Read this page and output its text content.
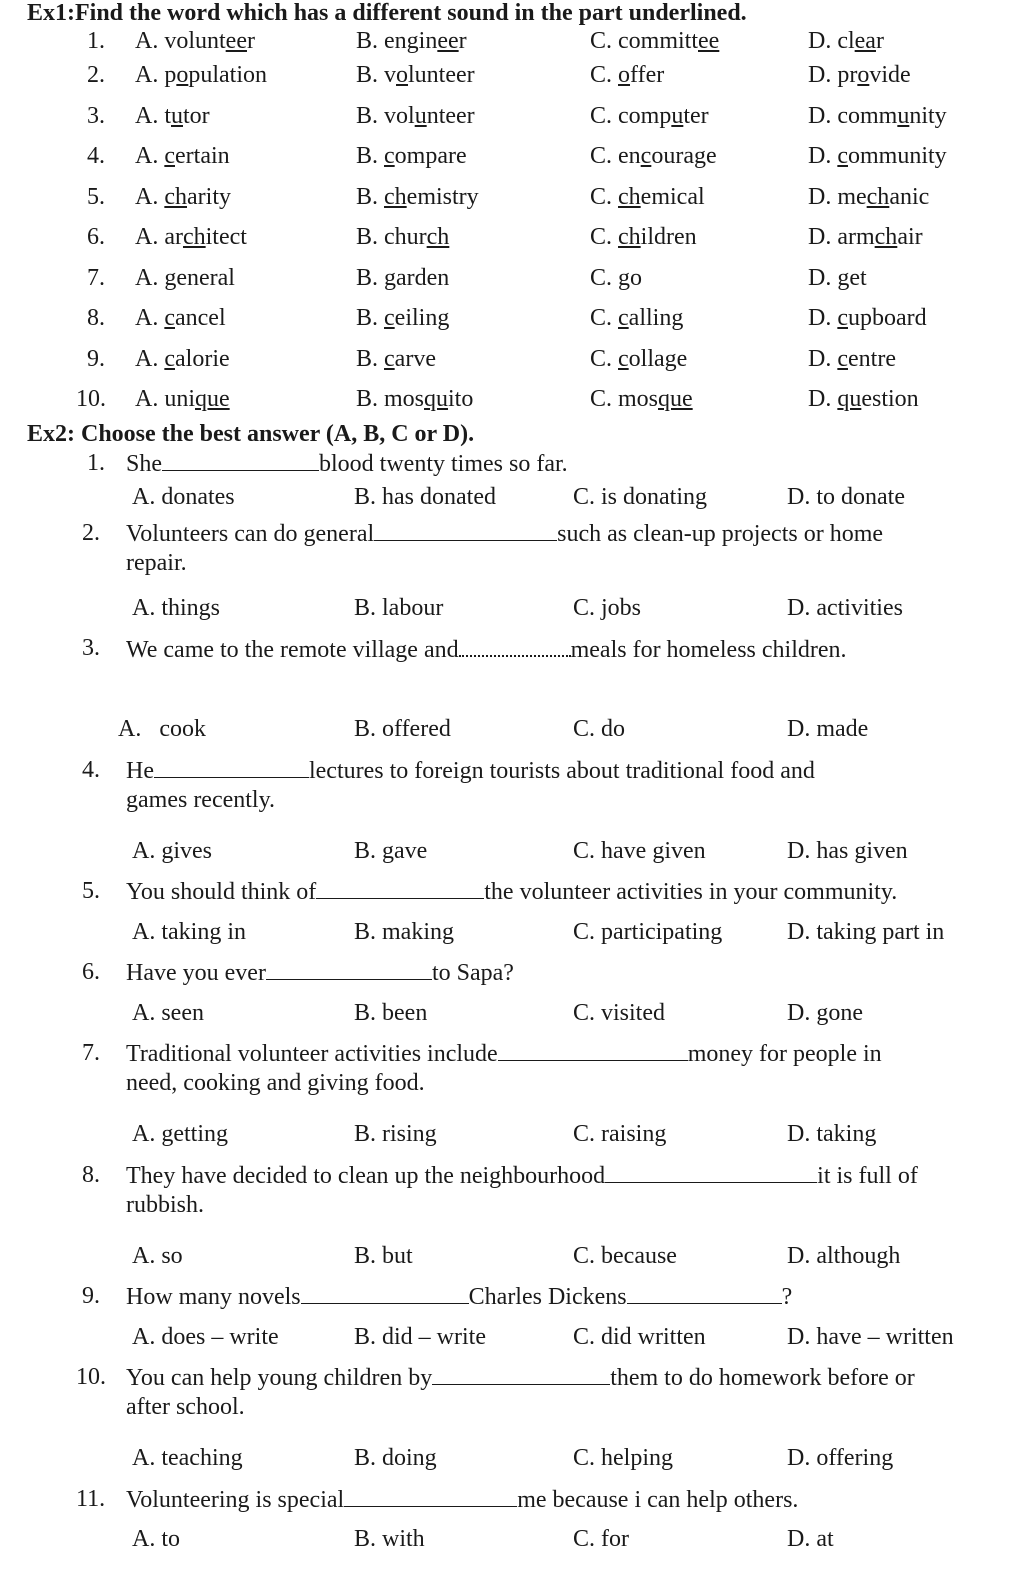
Ex1:Find the word which has a different sound in the part underlined.
1. A. volunteer	B. engineer	C. committee	D. clear
2. A. population	B. volunteer	C. offer	D. provide
3. A. tutor	B. volunteer	C. computer	D. community
4. A. certain	B. compare	C. encourage	D. community
5. A. charity	B. chemistry	C. chemical	D. mechanic
6. A. architect	B. church	C. children	D. armchair
7. A. general	B. garden	C. go	D. get
8. A. cancel	B. ceiling	C. calling	D. cupboard
9. A. calorie	B. carve	C. collage	D. centre
10. A. unique	B. mosquito	C. mosque	D. question
Ex2: Choose the best answer (A, B, C or D).
1. She	blood twenty times so far.
A. donates	B. has donated	C. is donating	D. to donate
2. Volunteers can do general	such as clean-up projects or home
repair.
A. things	B. labour	C. jobs	D. activities
3. We came to the remote village and	meals for homeless children.
A.   cook	B. offered	C. do	D. made
4. He	lectures to foreign tourists about traditional food and
games recently.
A. gives	B. gave	C. have given	D. has given
5. You should think of	the volunteer activities in your community.
A. taking in	B. making	C. participating	D. taking part in
6. Have you ever	to Sapa?
A. seen	B. been	C. visited	D. gone
7. Traditional volunteer activities include	money for people in
need, cooking and giving food.
A. getting	B. rising	C. raising	D. taking
8. They have decided to clean up the neighbourhood	it is full of
rubbish.
A. so	B. but	C. because	D. although
9. How many novels	Charles Dickens	?
A. does – write	B. did – write	C. did written	D. have – written
10. You can help young children by	them to do homework before or
after school.
A. teaching	B. doing	C. helping	D. offering
11. Volunteering is special	me because i can help others.
A. to	B. with	C. for	D. at
